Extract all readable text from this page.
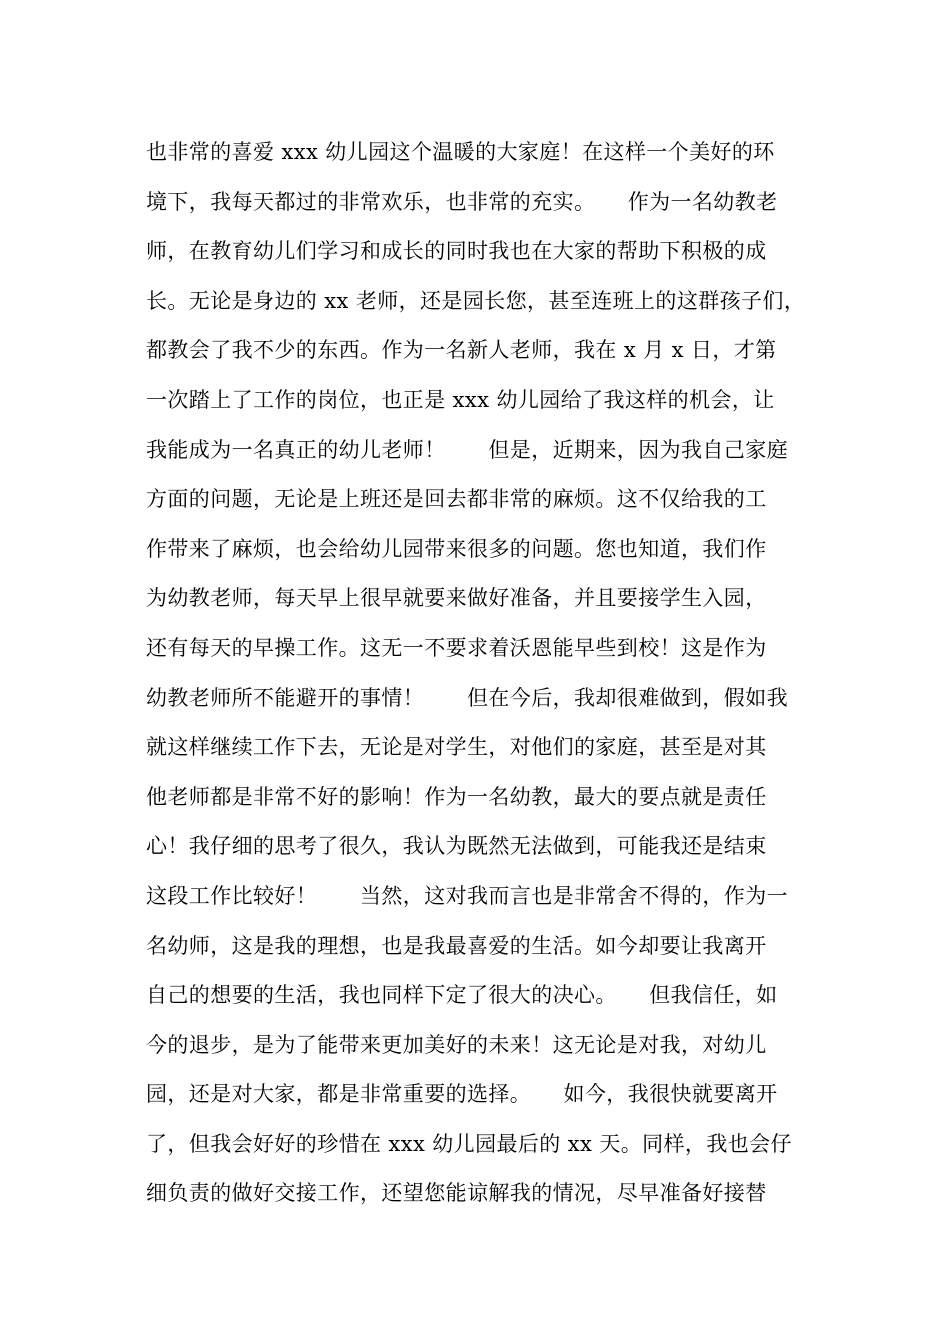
也非常的喜爱 xxx 幼儿园这个温暖的大家庭！在这样一个美好的环
境下，我每天都过的非常欢乐，也非常的充实。　　作为一名幼教老
师，在教育幼儿们学习和成长的同时我也在大家的帮助下积极的成
长。无论是身边的 xx 老师，还是园长您，甚至连班上的这群孩子们，
都教会了我不少的东西。作为一名新人老师，我在 x 月 x 日，才第
一次踏上了工作的岗位，也正是 xxx 幼儿园给了我这样的机会，让
我能成为一名真正的幼儿老师！　　但是，近期来，因为我自己家庭
方面的问题，无论是上班还是回去都非常的麻烦。这不仅给我的工
作带来了麻烦，也会给幼儿园带来很多的问题。您也知道，我们作
为幼教老师，每天早上很早就要来做好准备，并且要接学生入园，
还有每天的早操工作。这无一不要求着沃恩能早些到校！这是作为
幼教老师所不能避开的事情！　　但在今后，我却很难做到，假如我
就这样继续工作下去，无论是对学生，对他们的家庭，甚至是对其
他老师都是非常不好的影响！作为一名幼教，最大的要点就是责任
心！我仔细的思考了很久，我认为既然无法做到，可能我还是结束
这段工作比较好！　　当然，这对我而言也是非常舍不得的，作为一
名幼师，这是我的理想，也是我最喜爱的生活。如今却要让我离开
自己的想要的生活，我也同样下定了很大的决心。　　但我信任，如
今的退步，是为了能带来更加美好的未来！这无论是对我，对幼儿
园，还是对大家，都是非常重要的选择。　　如今，我很快就要离开
了，但我会好好的珍惜在 xxx 幼儿园最后的 xx 天。同样，我也会仔
细负责的做好交接工作，还望您能谅解我的情况，尽早准备好接替
